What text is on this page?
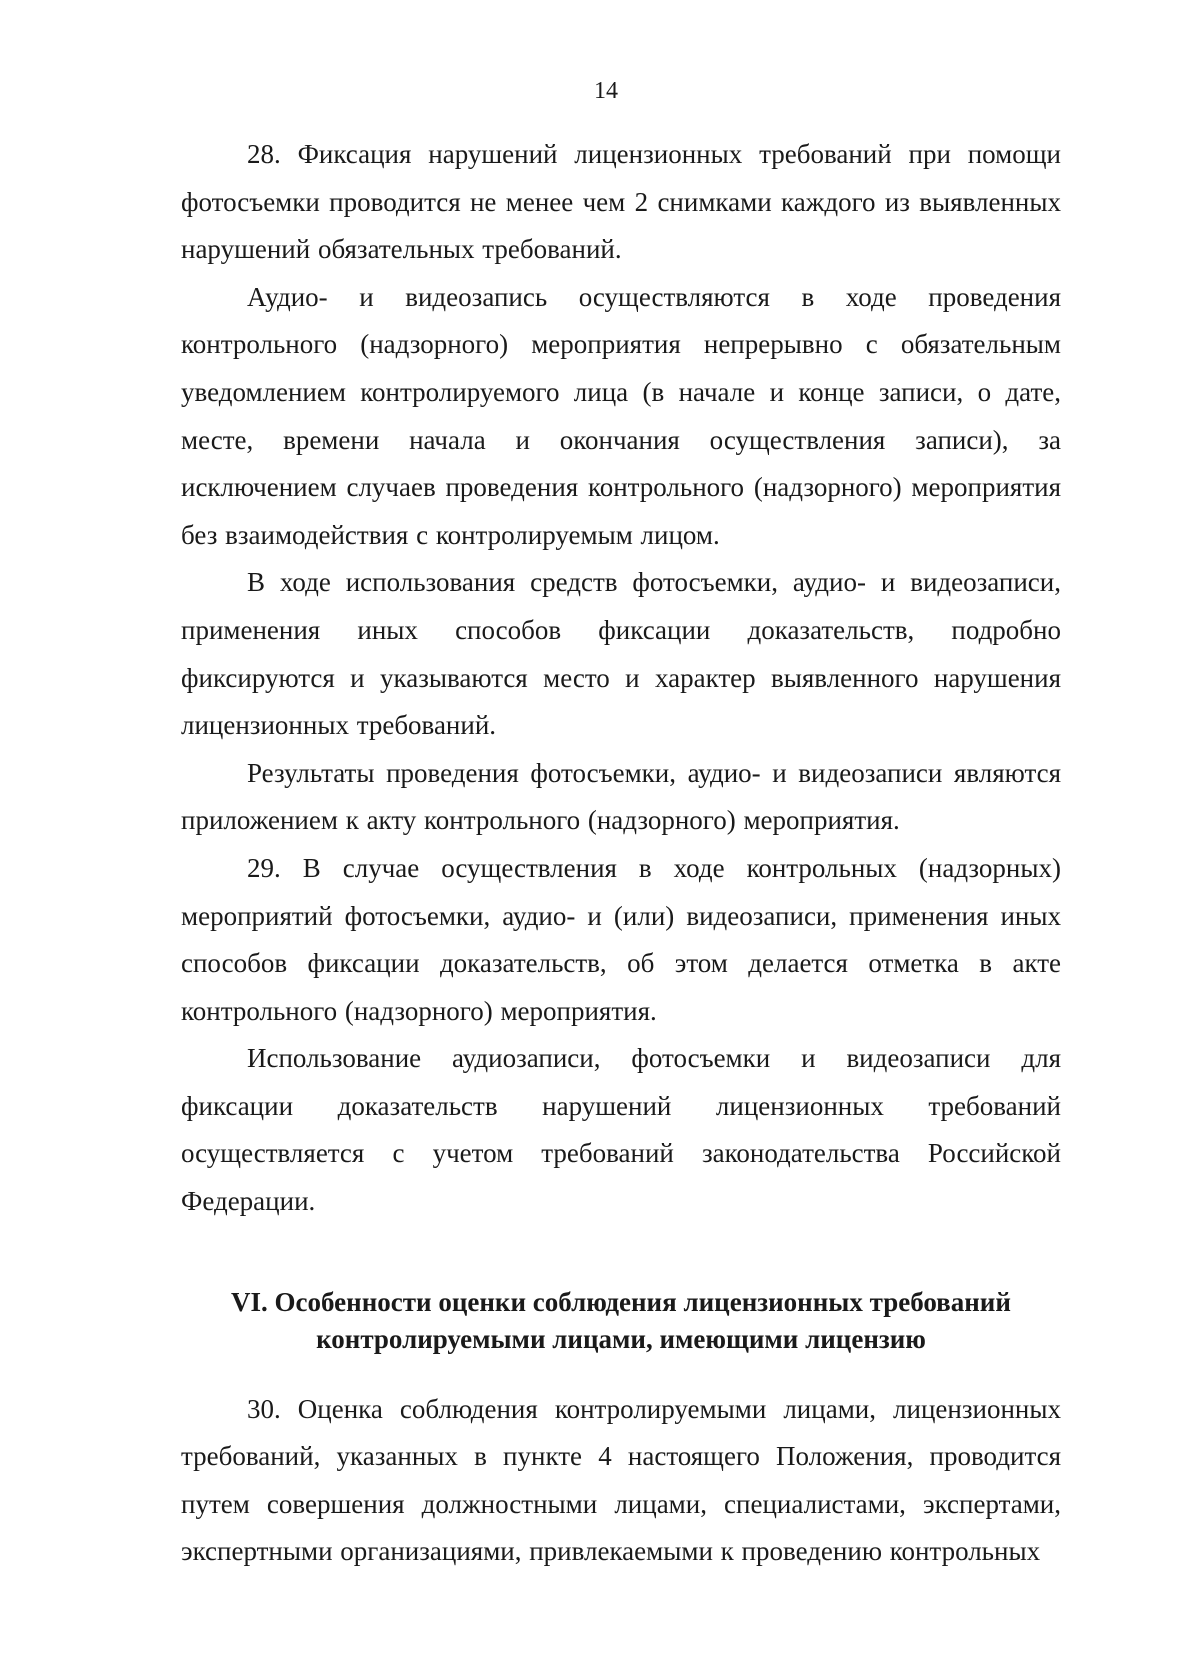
14

28. Фиксация нарушений лицензионных требований при помощи фотосъемки проводится не менее чем 2 снимками каждого из выявленных нарушений обязательных требований.

Аудио- и видеозапись осуществляются в ходе проведения контрольного (надзорного) мероприятия непрерывно с обязательным уведомлением контролируемого лица (в начале и конце записи, о дате, месте, времени начала и окончания осуществления записи), за исключением случаев проведения контрольного (надзорного) мероприятия без взаимодействия с контролируемым лицом.

В ходе использования средств фотосъемки, аудио- и видеозаписи, применения иных способов фиксации доказательств, подробно фиксируются и указываются место и характер выявленного нарушения лицензионных требований.

Результаты проведения фотосъемки, аудио- и видеозаписи являются приложением к акту контрольного (надзорного) мероприятия.

29. В случае осуществления в ходе контрольных (надзорных) мероприятий фотосъемки, аудио- и (или) видеозаписи, применения иных способов фиксации доказательств, об этом делается отметка в акте контрольного (надзорного) мероприятия.

Использование аудиозаписи, фотосъемки и видеозаписи для фиксации доказательств нарушений лицензионных требований осуществляется с учетом требований законодательства Российской Федерации.

VI. Особенности оценки соблюдения лицензионных требований
контролируемыми лицами, имеющими лицензию

30. Оценка соблюдения контролируемыми лицами, лицензионных требований, указанных в пункте 4 настоящего Положения, проводится путем совершения должностными лицами, специалистами, экспертами, экспертными организациями, привлекаемыми к проведению контрольных
